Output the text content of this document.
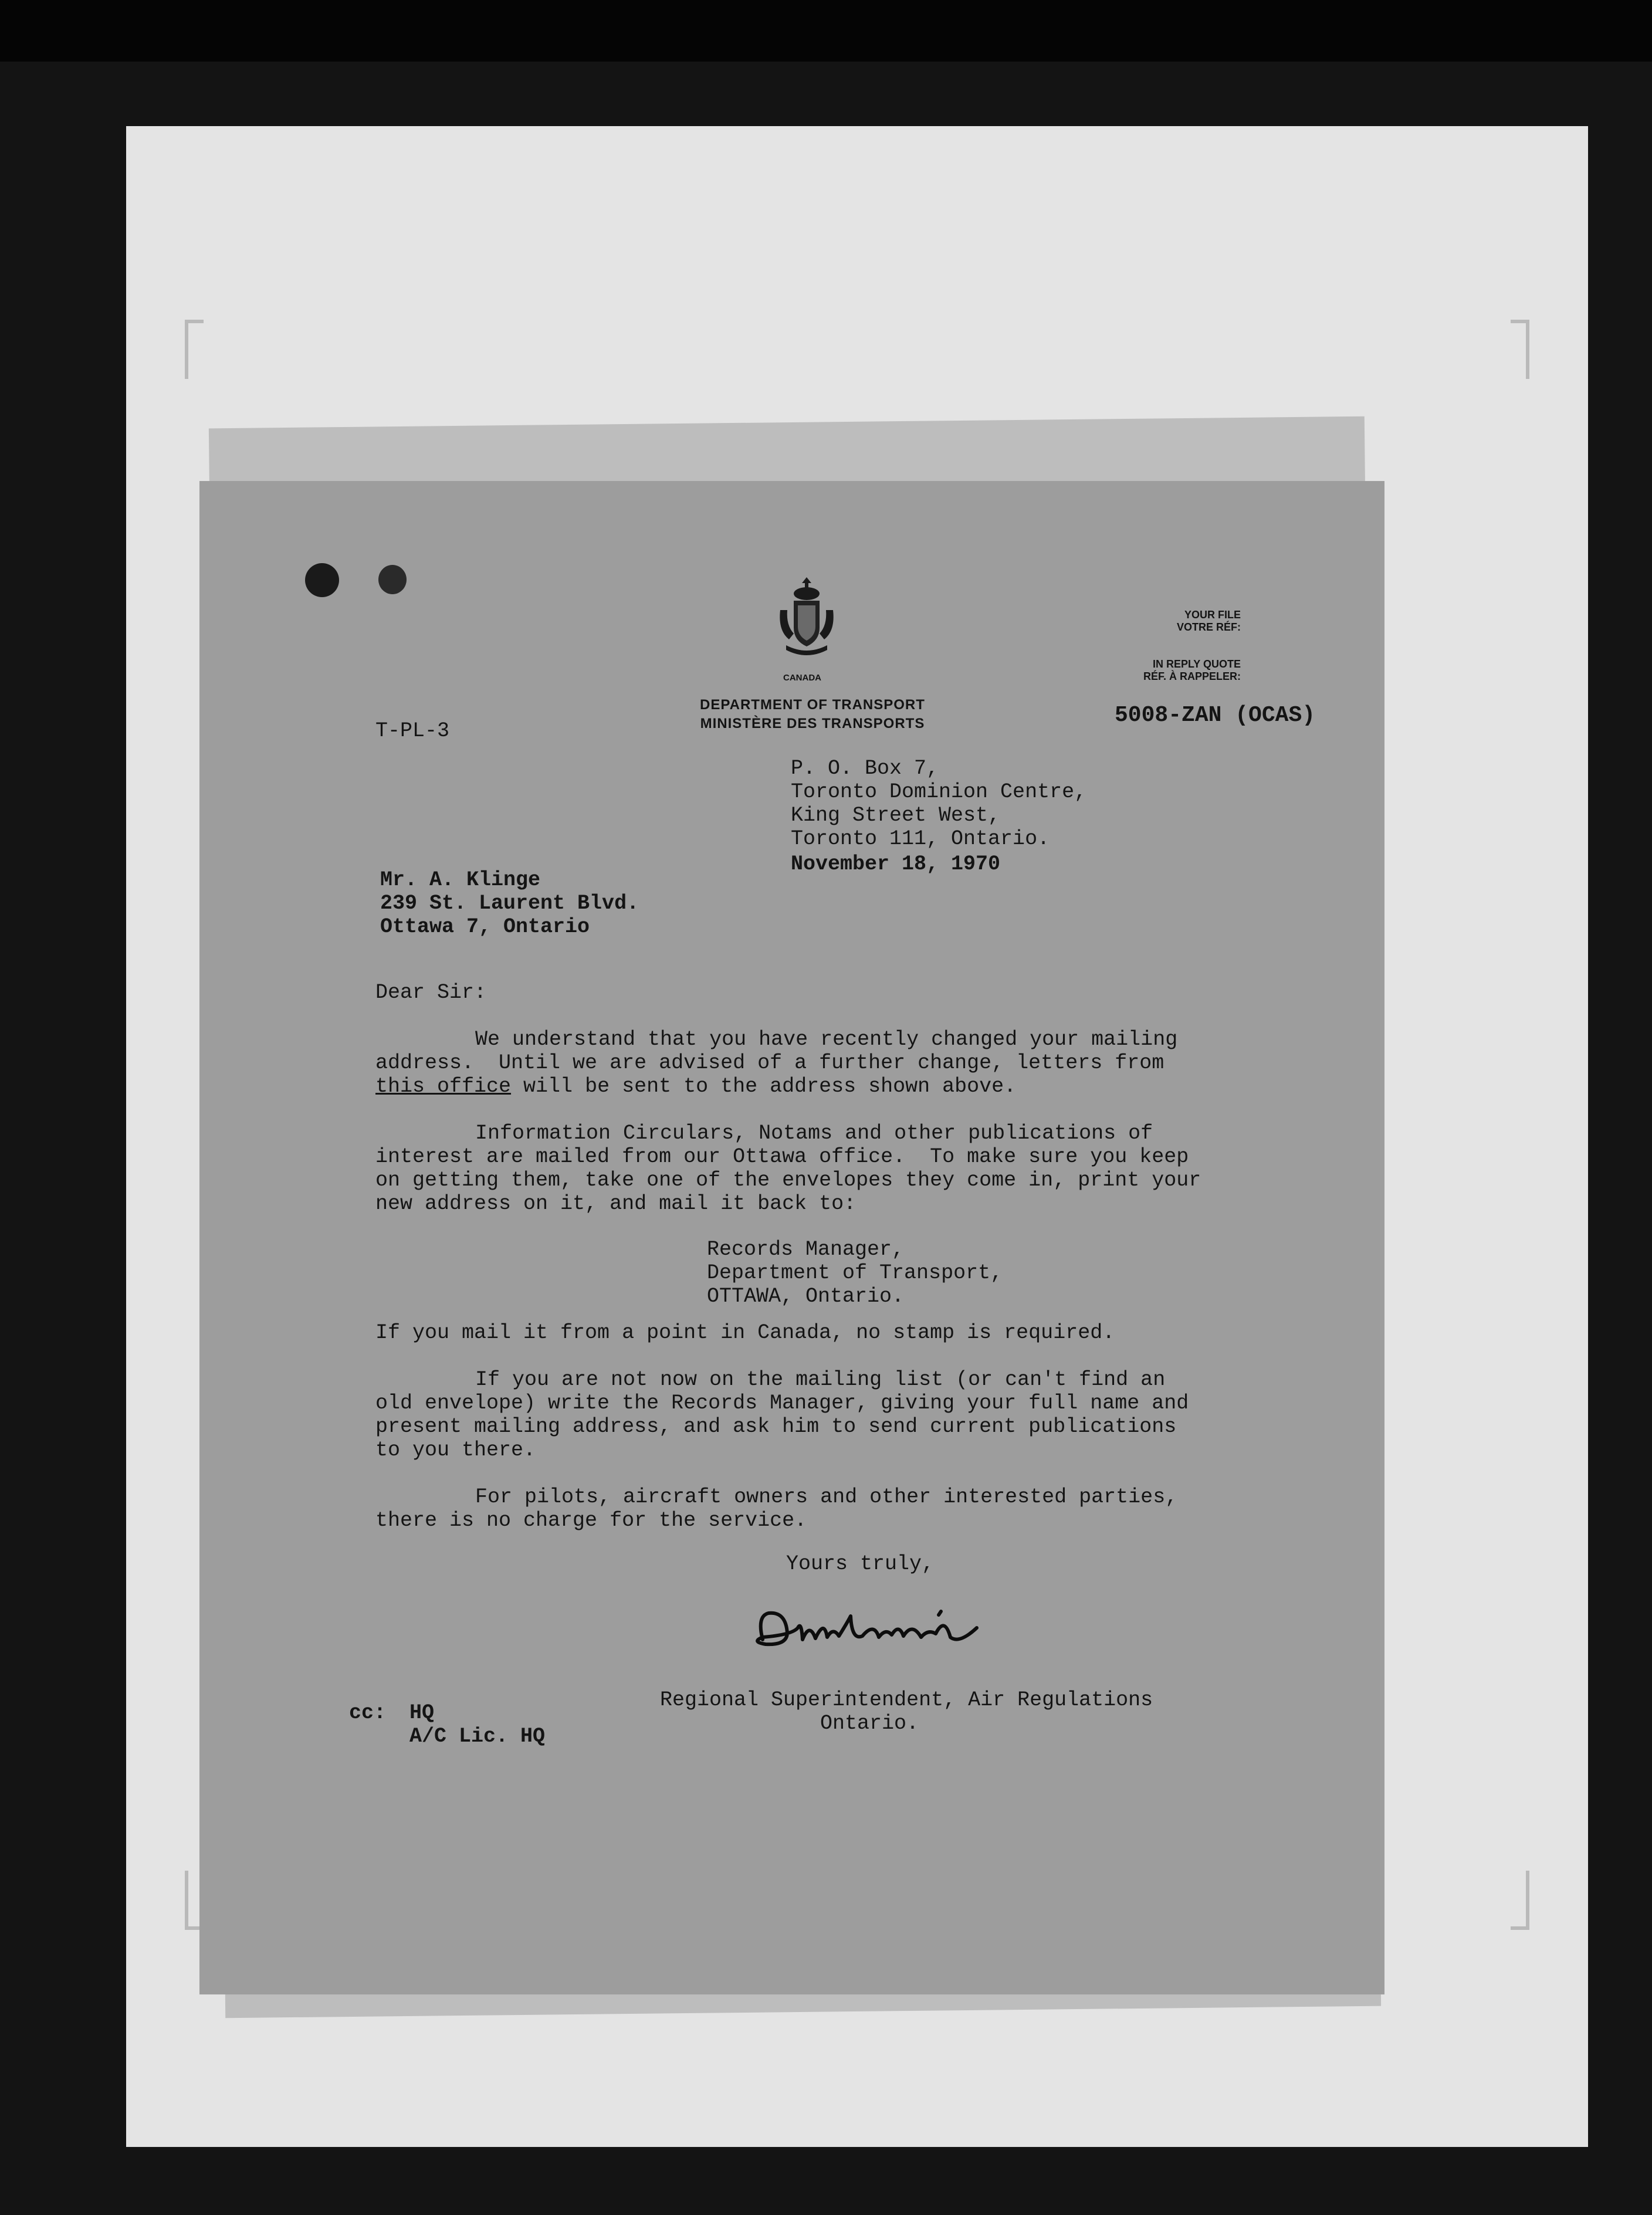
CANADA
DEPARTMENT OF TRANSPORT
MINISTÈRE DES TRANSPORTS
YOUR FILE
VOTRE RÉF:
IN REPLY QUOTE
RÉF. À RAPPELER:
5008-ZAN (OCAS)
T-PL-3
P. O. Box 7,
Toronto Dominion Centre,
King Street West,
Toronto 111, Ontario.
November 18, 1970
Mr. A. Klinge
239 St. Laurent Blvd.
Ottawa 7, Ontario
Dear Sir:
We understand that you have recently changed your mailing
address.  Until we are advised of a further change, letters from
this office will be sent to the address shown above.
Information Circulars, Notams and other publications of
interest are mailed from our Ottawa office.  To make sure you keep
on getting them, take one of the envelopes they come in, print your
new address on it, and mail it back to:
Records Manager,
Department of Transport,
OTTAWA, Ontario.
If you mail it from a point in Canada, no stamp is required.
If you are not now on the mailing list (or can't find an
old envelope) write the Records Manager, giving your full name and
present mailing address, and ask him to send current publications
to you there.
For pilots, aircraft owners and other interested parties,
there is no charge for the service.
Yours truly,
Regional Superintendent, Air Regulations
Ontario.
cc: HQ
A/C Lic. HQ
